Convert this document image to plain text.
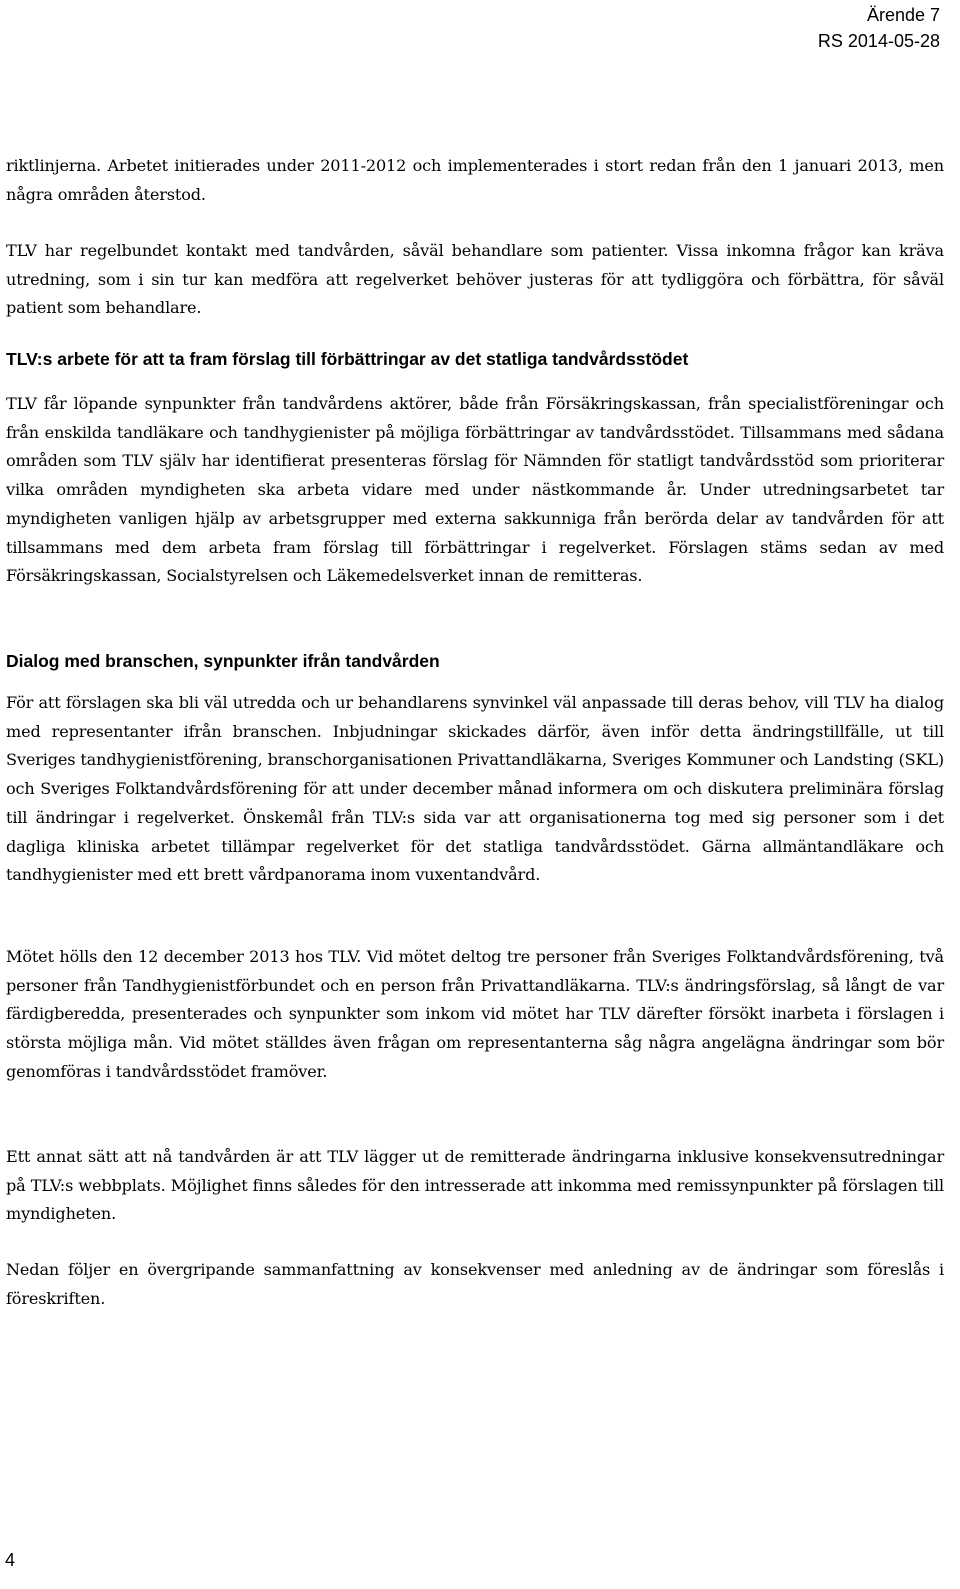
Ärende 7
RS 2014-05-28

riktlinjerna. Arbetet initierades under 2011-2012 och implementerades i stort redan från den 1 januari 2013, men några områden återstod.

TLV har regelbundet kontakt med tandvården, såväl behandlare som patienter. Vissa inkomna frågor kan kräva utredning, som i sin tur kan medföra att regelverket behöver justeras för att tydliggöra och förbättra, för såväl patient som behandlare.

TLV:s arbete för att ta fram förslag till förbättringar av det statliga tandvårdsstödet

TLV får löpande synpunkter från tandvårdens aktörer, både från Försäkringskassan, från specialistföreningar och från enskilda tandläkare och tandhygienister på möjliga förbättringar av tandvårdsstödet. Tillsammans med sådana områden som TLV själv har identifierat presenteras förslag för Nämnden för statligt tandvårdsstöd som prioriterar vilka områden myndigheten ska arbeta vidare med under nästkommande år. Under utredningsarbetet tar myndigheten vanligen hjälp av arbetsgrupper med externa sakkunniga från berörda delar av tandvården för att tillsammans med dem arbeta fram förslag till förbättringar i regelverket. Förslagen stäms sedan av med Försäkringskassan, Socialstyrelsen och Läkemedelsverket innan de remitteras.

Dialog med branschen, synpunkter ifrån tandvården

För att förslagen ska bli väl utredda och ur behandlarens synvinkel väl anpassade till deras behov, vill TLV ha dialog med representanter ifrån branschen. Inbjudningar skickades därför, även inför detta ändringstillfälle, ut till Sveriges tandhygienistförening, branschorganisationen Privattandläkarna, Sveriges Kommuner och Landsting (SKL) och Sveriges Folktandvårdsförening för att under december månad informera om och diskutera preliminära förslag till ändringar i regelverket. Önskemål från TLV:s sida var att organisationerna tog med sig personer som i det dagliga kliniska arbetet tillämpar regelverket för det statliga tandvårdsstödet. Gärna allmäntandläkare och tandhygienister med ett brett vårdpanorama inom vuxentandvård.

Mötet hölls den 12 december 2013 hos TLV. Vid mötet deltog tre personer från Sveriges Folktandvårdsförening, två personer från Tandhygienistförbundet och en person från Privattandläkarna. TLV:s ändringsförslag, så långt de var färdigberedda, presenterades och synpunkter som inkom vid mötet har TLV därefter försökt inarbeta i förslagen i största möjliga mån. Vid mötet ställdes även frågan om representanterna såg några angelägna ändringar som bör genomföras i tandvårdsstödet framöver.

Ett annat sätt att nå tandvården är att TLV lägger ut de remitterade ändringarna inklusive konsekvensutredningar på TLV:s webbplats. Möjlighet finns således för den intresserade att inkomma med remissynpunkter på förslagen till myndigheten.

Nedan följer en övergripande sammanfattning av konsekvenser med anledning av de ändringar som föreslås i föreskriften.

4
